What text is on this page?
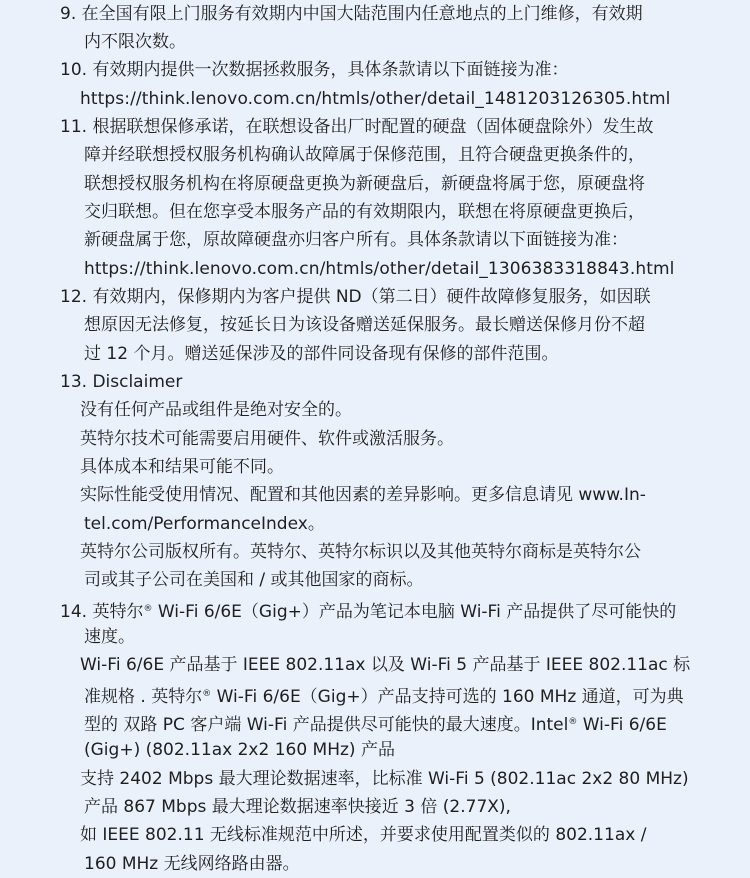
9. 在全国有限上门服务有效期内中国大陆范围内任意地点的上门维修，有效期
内不限次数。
10. 有效期内提供一次数据拯救服务，具体条款请以下面链接为准：
https://think.lenovo.com.cn/htmls/other/detail_1481203126305.html
11. 根据联想保修承诺，在联想设备出厂时配置的硬盘（固体硬盘除外）发生故
障并经联想授权服务机构确认故障属于保修范围，且符合硬盘更换条件的，
联想授权服务机构在将原硬盘更换为新硬盘后，新硬盘将属于您，原硬盘将
交归联想。但在您享受本服务产品的有效期限内，联想在将原硬盘更换后，
新硬盘属于您，原故障硬盘亦归客户所有。具体条款请以下面链接为准：
https://think.lenovo.com.cn/htmls/other/detail_1306383318843.html
12. 有效期内，保修期内为客户提供 ND（第二日）硬件故障修复服务，如因联
想原因无法修复，按延长日为该设备赠送延保服务。最长赠送保修月份不超
过 12 个月。赠送延保涉及的部件同设备现有保修的部件范围。
13. Disclaimer
没有任何产品或组件是绝对安全的。
英特尔技术可能需要启用硬件、软件或激活服务。
具体成本和结果可能不同。
实际性能受使用情况、配置和其他因素的差异影响。更多信息请见 www.In-
tel.com/PerformanceIndex。
英特尔公司版权所有。英特尔、英特尔标识以及其他英特尔商标是英特尔公
司或其子公司在美国和 / 或其他国家的商标。
14. 英特尔® Wi-Fi 6/6E（Gig+）产品为笔记本电脑 Wi-Fi 产品提供了尽可能快的
速度。
Wi-Fi 6/6E 产品基于 IEEE 802.11ax 以及 Wi-Fi 5 产品基于 IEEE 802.11ac 标
准规格 . 英特尔® Wi-Fi 6/6E（Gig+）产品支持可选的 160 MHz 通道，可为典
型的 双路 PC 客户端 Wi-Fi 产品提供尽可能快的最大速度。Intel® Wi-Fi 6/6E
(Gig+) (802.11ax 2x2 160 MHz) 产品
支持 2402 Mbps 最大理论数据速率，比标准 Wi-Fi 5 (802.11ac 2x2 80 MHz)
产品 867 Mbps 最大理论数据速率快接近 3 倍 (2.77X),
如 IEEE 802.11 无线标准规范中所述，并要求使用配置类似的 802.11ax /
160 MHz 无线网络路由器。
